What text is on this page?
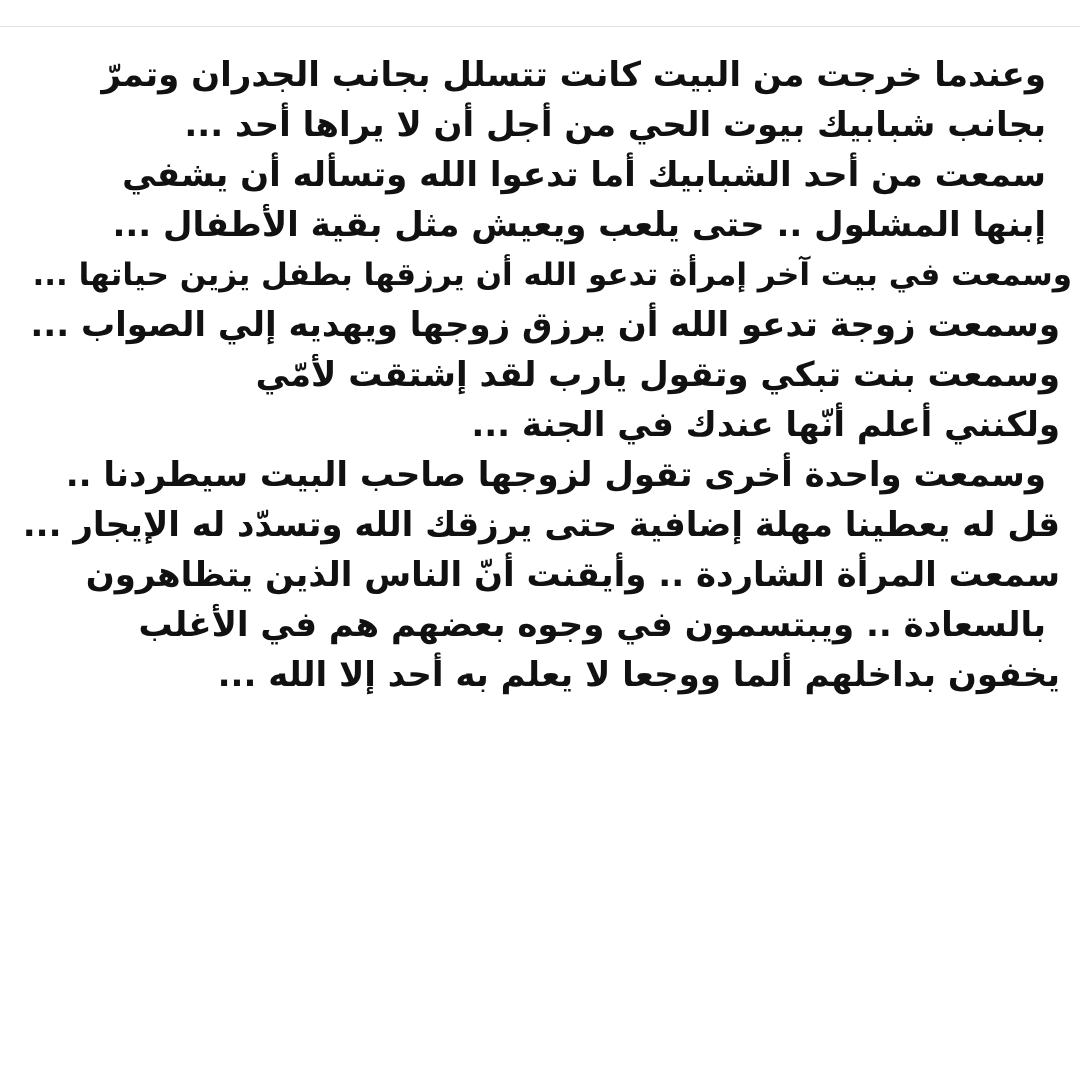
وعندما خرجت من البيت كانت تتسلل بجانب الجدران وتمرّ
بجانب شبابيك بيوت الحي من أجل أن لا يراها أحد ...
سمعت من أحد الشبابيك أما تدعوا الله وتسأله أن يشفي
إبنها المشلول .. حتى يلعب ويعيش مثل بقية الأطفال ...
وسمعت في بيت آخر إمرأة تدعو الله أن يرزقها بطفل يزين حياتها ...
وسمعت زوجة تدعو الله أن يرزق زوجها ويهديه إلي الصواب ...
وسمعت بنت تبكي وتقول يارب لقد إشتقت لأمّي
ولكنني أعلم أنّها عندك في الجنة ...
وسمعت واحدة أخرى تقول لزوجها صاحب البيت سيطردنا ..
قل له يعطينا مهلة إضافية حتى يرزقك الله وتسدّد له الإيجار ...
سمعت المرأة الشاردة .. وأيقنت أنّ الناس الذين يتظاهرون
بالسعادة .. ويبتسمون في وجوه بعضهم هم في الأغلب
يخفون بداخلهم ألما ووجعا لا يعلم به أحد إلا الله ...
